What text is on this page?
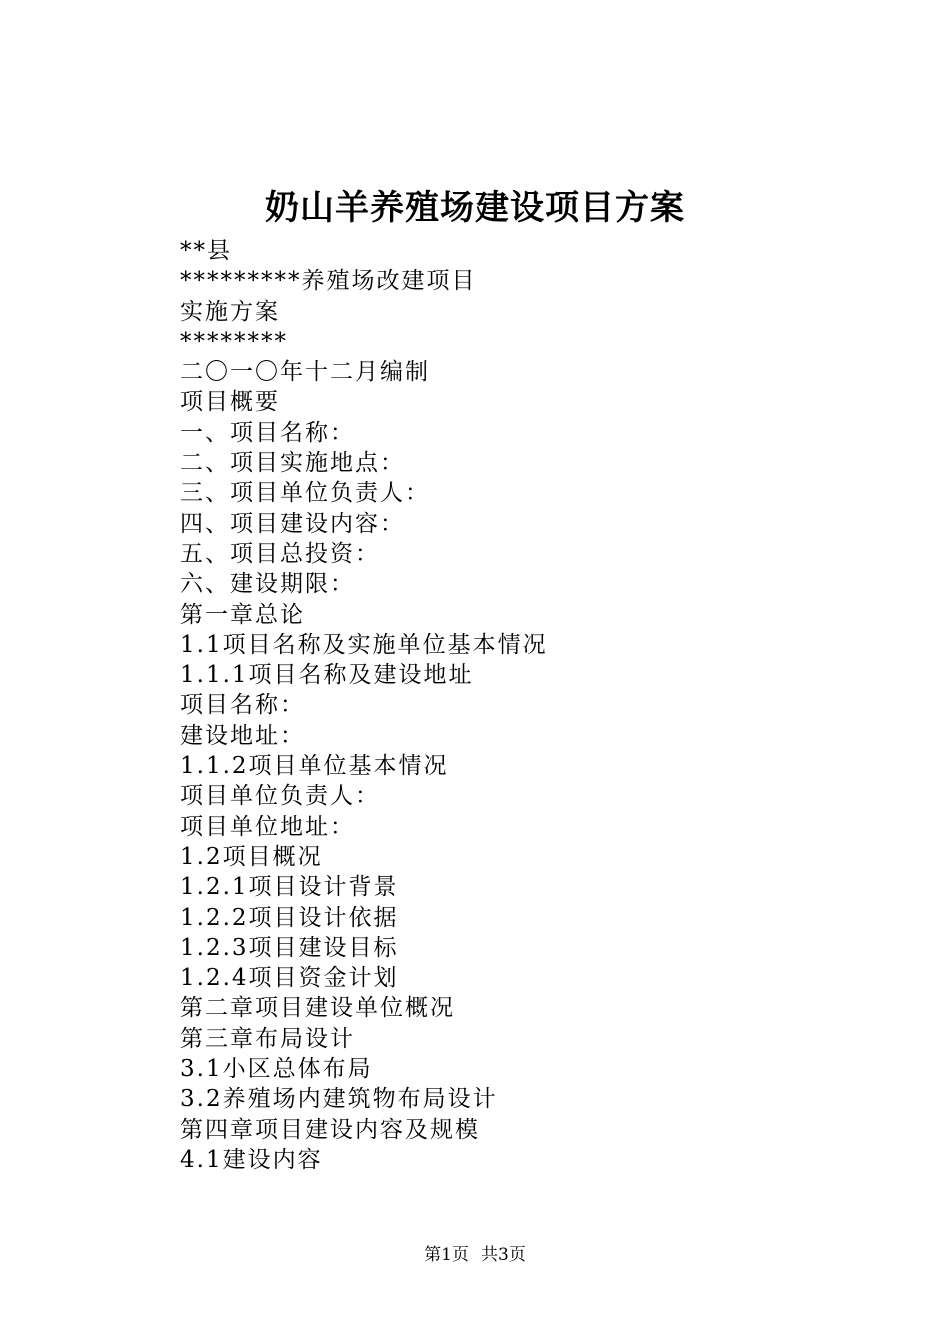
奶山羊养殖场建设项目方案
**县
*********养殖场改建项目
实施方案
********
二〇一〇年十二月编制
项目概要
一、项目名称：
二、项目实施地点：
三、项目单位负责人：
四、项目建设内容：
五、项目总投资：
六、建设期限：
第一章总论
1.1项目名称及实施单位基本情况
1.1.1项目名称及建设地址
项目名称：
建设地址：
1.1.2项目单位基本情况
项目单位负责人：
项目单位地址：
1.2项目概况
1.2.1项目设计背景
1.2.2项目设计依据
1.2.3项目建设目标
1.2.4项目资金计划
第二章项目建设单位概况
第三章布局设计
3.1小区总体布局
3.2养殖场内建筑物布局设计
第四章项目建设内容及规模
4.1建设内容
第1页 共3页
